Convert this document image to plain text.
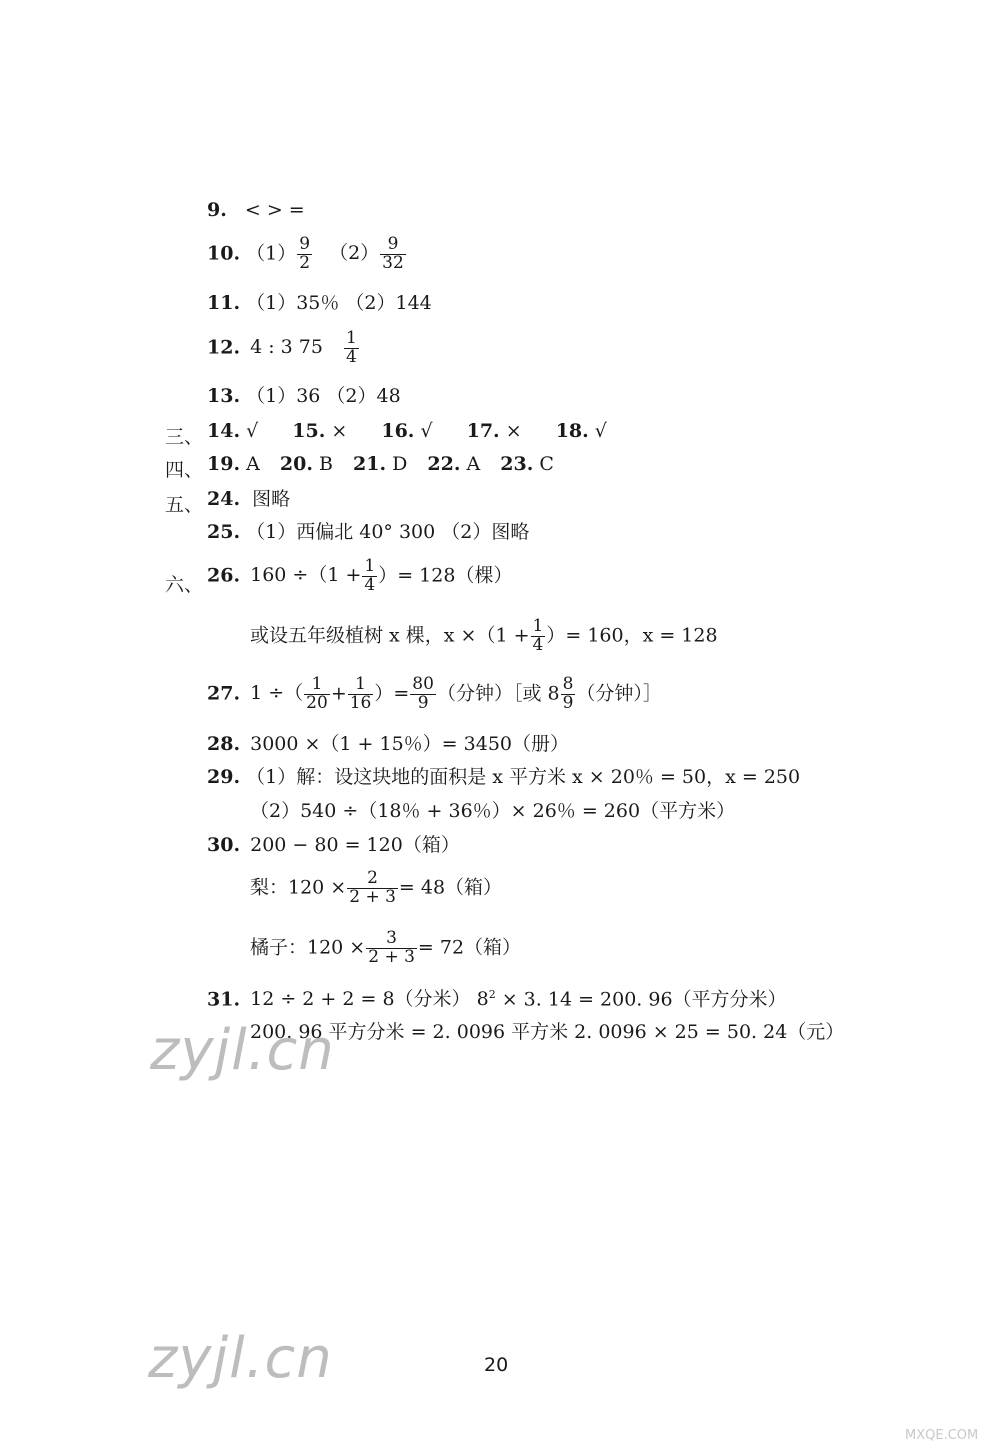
9. < > =
10. $(1) \frac{9}{2} (2) \frac{9}{32}$
11. （1）35％ （2）144
12. 4 : 3 $75 \frac{1}{4}$
13. （1）36 （2）48
三、 14. √ 15. × 16. √ 17. × 18. √
四、 19. A 20. B 21. D 22. A 23. C
五、 24. 图略
25. （1）西偏北 40° 300 （2）图略
六、 26. $160 \div(1 + \frac{1}{4}$ ）= 128（棵）
或设五年级植树 x 棵，$x \times(1 + \frac{1}{4}$ ）= 160，x = 128
27. 1 ÷（ $\frac{1}{20} + \frac{1}{16}$ ）= $\frac{80}{9}$ （分钟）［或 $8 \frac{8}{9}$ （分钟）］
28. 3000 ×（1 + 15％）= 3450（册）
29. （1）解：设这块地的面积是 x 平方米 x × 20％ = 50，x = 250
（2）540 ÷（18％ + 36％）× 26％ = 260（平方米）
30. 200 − 80 = 120（箱）
梨：$120 \times \frac{2}{2 + 3} = 48$（箱）
橘子：$120 \times \frac{3}{2 + 3} = 72$（箱）
31. 12 ÷ 2 + 2 = 8（分米） $8^2 \times 3$. 14 = 200. 96（平方分米）
200. 96 平方分米 = 2. 0096 平方米 2. 0096 × 25 = 50. 24（元）
zyjl.cn
zyjl.cn
MXQE.COM
20
